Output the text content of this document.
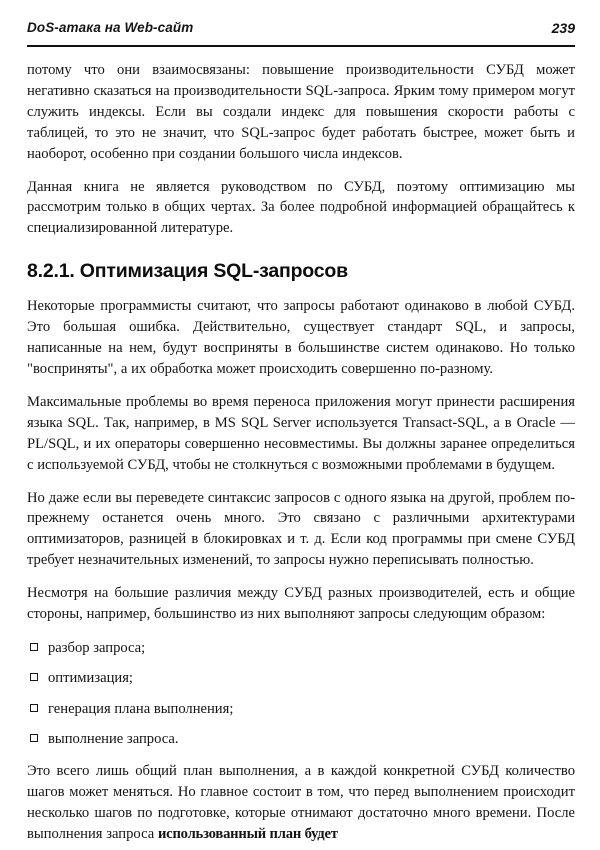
DoS-атака на Web-сайт	239

потому что они взаимосвязаны: повышение производительности СУБД может негативно сказаться на производительности SQL-запроса. Ярким тому примером могут служить индексы. Если вы создали индекс для повышения скорости работы с таблицей, то это не значит, что SQL-запрос будет работать быстрее, может быть и наоборот, особенно при создании большого числа индексов.

Данная книга не является руководством по СУБД, поэтому оптимизацию мы рассмотрим только в общих чертах. За более подробной информацией обращайтесь к специализированной литературе.

8.2.1. Оптимизация SQL-запросов

Некоторые программисты считают, что запросы работают одинаково в любой СУБД. Это большая ошибка. Действительно, существует стандарт SQL, и запросы, написанные на нем, будут восприняты в большинстве систем одинаково. Но только "восприняты", а их обработка может происходить совершенно по-разному.

Максимальные проблемы во время переноса приложения могут принести расширения языка SQL. Так, например, в MS SQL Server используется Transact-SQL, а в Oracle — PL/SQL, и их операторы совершенно несовместимы. Вы должны заранее определиться с используемой СУБД, чтобы не столкнуться с возможными проблемами в будущем.

Но даже если вы переведете синтаксис запросов с одного языка на другой, проблем по-прежнему останется очень много. Это связано с различными архитектурами оптимизаторов, разницей в блокировках и т. д. Если код программы при смене СУБД требует незначительных изменений, то запросы нужно переписывать полностью.

Несмотря на большие различия между СУБД разных производителей, есть и общие стороны, например, большинство из них выполняют запросы следующим образом:

разбор запроса;
оптимизация;
генерация плана выполнения;
выполнение запроса.

Это всего лишь общий план выполнения, а в каждой конкретной СУБД количество шагов может меняться. Но главное состоит в том, что перед выполнением происходит несколько шагов по подготовке, которые отнимают достаточно много времени. После выполнения запроса использованный план будет
